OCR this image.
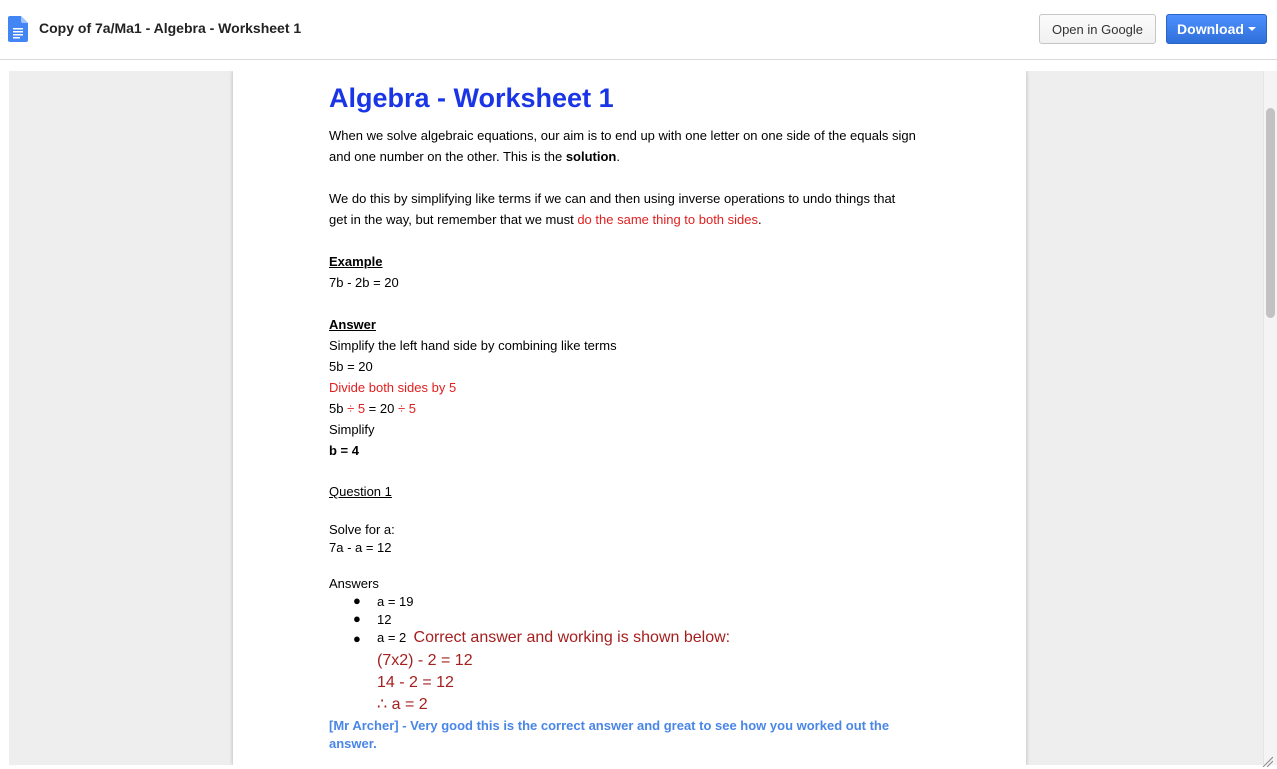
Copy of 7a/Ma1 - Algebra - Worksheet 1	Open in Google	Download
Algebra - Worksheet 1
When we solve algebraic equations, our aim is to end up with one letter on one side of the equals sign
and one number on the other. This is the solution.
We do this by simplifying like terms if we can and then using inverse operations to undo things that
get in the way, but remember that we must do the same thing to both sides.
Example
7b - 2b = 20
Answer
Simplify the left hand side by combining like terms
5b = 20
Divide both sides by 5
5b ÷ 5 = 20 ÷ 5
Simplify
b = 4
Question 1
Solve for a:
7a - a = 12
Answers
● a = 19
● 12
● a = 2 Correct answer and working is shown below:
(7x2) - 2 = 12
14 - 2 = 12
∴ a = 2
[Mr Archer] - Very good this is the correct answer and great to see how you worked out the answer.
